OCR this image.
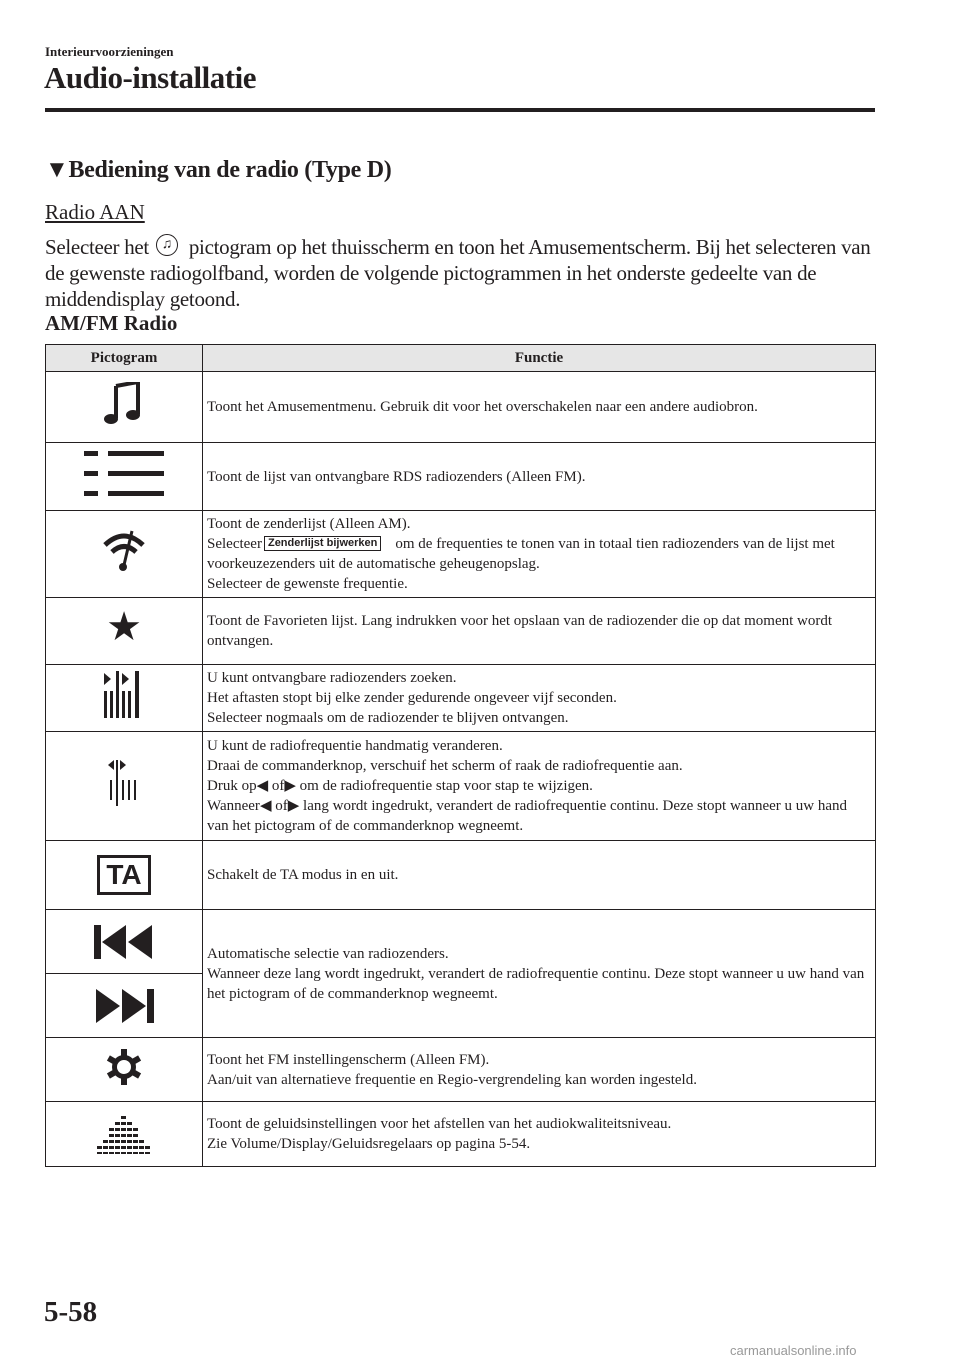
Interieurvoorzieningen
Audio-installatie
▼Bediening van de radio (Type D)
Radio AAN
Selecteer het ♫ pictogram op het thuisscherm en toon het Amusementscherm. Bij het selecteren van de gewenste radiogolfband, worden de volgende pictogrammen in het onderste gedeelte van de middendisplay getoond.
AM/FM Radio
Pictogram	Functie
	Toont het Amusementmenu. Gebruik dit voor het overschakelen naar een andere audiobron.
	Toont de lijst van ontvangbare RDS radiozenders (Alleen FM).

Toont de zenderlijst (Alleen AM).
Selecteer Zenderlijst bijwerken om de frequenties te tonen van in totaal tien radiozenders van de lijst met voorkeuzezenders uit de automatische geheugenopslag.
Selecteer de gewenste frequentie.

★	Toont de Favorieten lijst. Lang indrukken voor het opslaan van de radiozender die op dat moment wordt ontvangen.

U kunt ontvangbare radiozenders zoeken.
Het aftasten stopt bij elke zender gedurende ongeveer vijf seconden.
Selecteer nogmaals om de radiozender te blijven ontvangen.

U kunt de radiofrequentie handmatig veranderen.
Draai de commanderknop, verschuif het scherm of raak de radiofrequentie aan.
Druk op◀ of▶ om de radiofrequentie stap voor stap te wijzigen.
Wanneer◀ of▶ lang wordt ingedrukt, verandert de radiofrequentie continu. Deze stopt wanneer u uw hand van het pictogram of de commanderknop wegneemt.

TA	Schakelt de TA modus in en uit.

Automatische selectie van radiozenders.
Wanneer deze lang wordt ingedrukt, verandert de radiofrequentie continu. Deze stopt wanneer u uw hand van het pictogram of de commanderknop wegneemt.

Toont het FM instellingenscherm (Alleen FM).
Aan/uit van alternatieve frequentie en Regio-vergrendeling kan worden ingesteld.

Toont de geluidsinstellingen voor het afstellen van het audiokwaliteitsniveau.
Zie Volume/Display/Geluidsregelaars op pagina 5-54.
5-58
carmanualsonline.info
